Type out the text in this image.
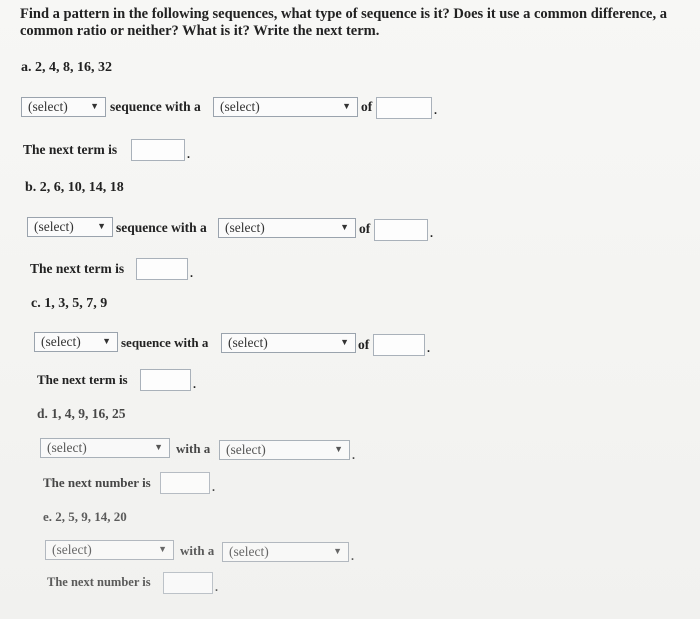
Find a pattern in the following sequences, what type of sequence is it? Does it use a common difference, a common ratio or neither? What is it? Write the next term.
a. 2, 4, 8, 16, 32
(select) ▼ sequence with a (select)	▼ of	.
The next term is	.
b. 2, 6, 10, 14, 18
(select)	▼ sequence with a (select)	▼ of	.
The next term is	.
c. 1, 3, 5, 7, 9
(select) ▼ sequence with a (select)	▼ of	.
The next term is	.
d. 1, 4, 9, 16, 25
(select)	▼ with a (select)	▼ .
The next number is	.
e. 2, 5, 9, 14, 20
(select)	▼ with a (select)	▼ .
The next number is	.
